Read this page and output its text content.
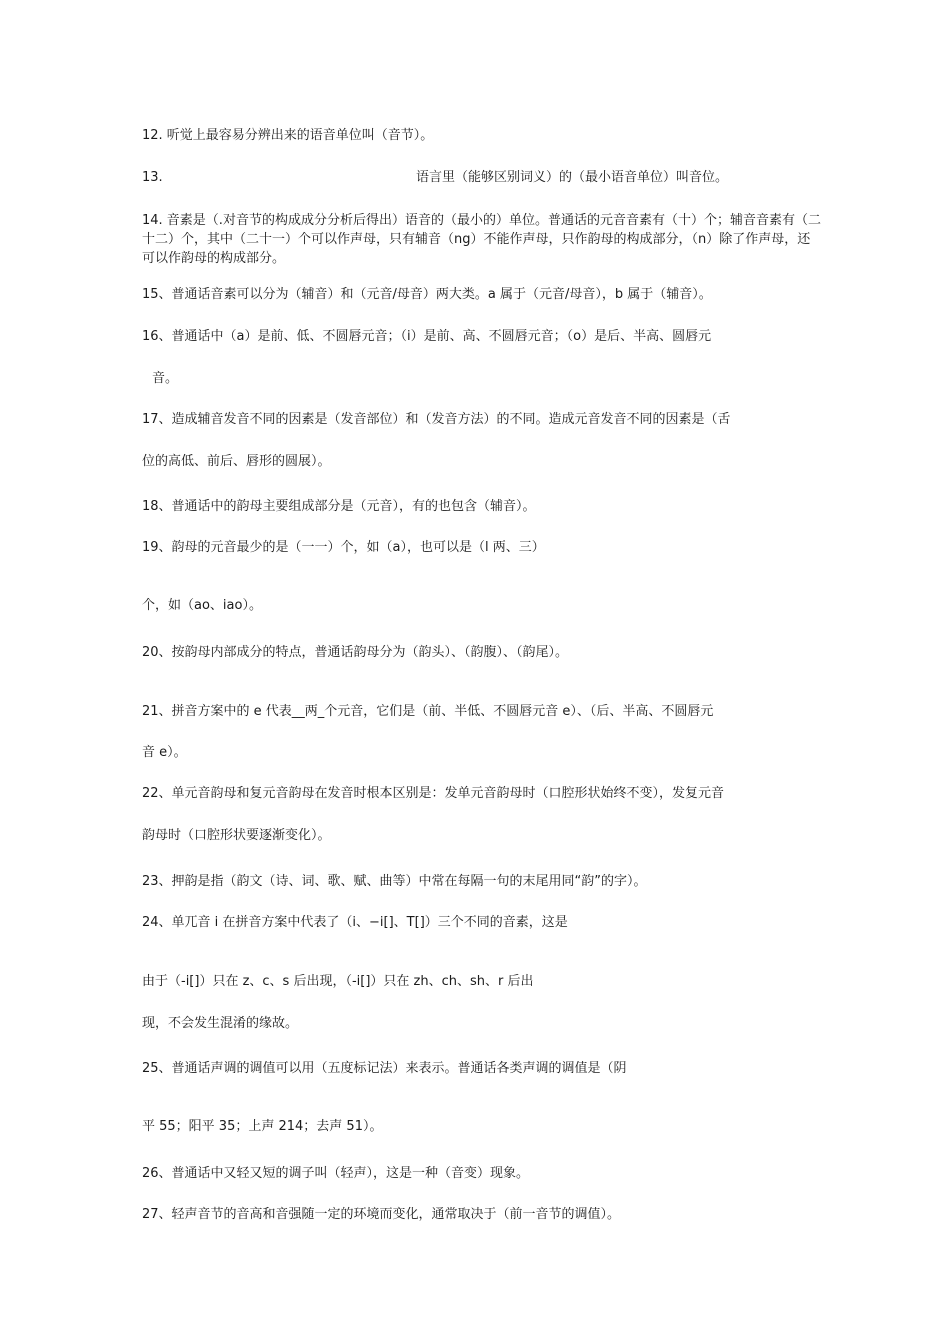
12. 听觉上最容易分辨出来的语音单位叫（音节）。
13.	语言里（能够区别词义）的（最小语音单位）叫音位。
14. 音素是（.对音节的构成成分分析后得出）语音的（最小的）单位。普通话的元音音素有（十）个；辅音音素有（二十二）个，其中（二十一）个可以作声母，只有辅音（ng）不能作声母，只作韵母的构成部分，（n）除了作声母，还可以作韵母的构成部分。
15、普通话音素可以分为（辅音）和（元音/母音）两大类。a 属于（元音/母音），b 属于（辅音）。
16、普通话中（a）是前、低、不圆唇元音；（i）是前、高、不圆唇元音；（o）是后、半高、圆唇元
音。
17、造成辅音发音不同的因素是（发音部位）和（发音方法）的不同。造成元音发音不同的因素是（舌
位的高低、前后、唇形的圆展）。
18、普通话中的韵母主要组成部分是（元音），有的也包含（辅音）。
19、韵母的元音最少的是（一一）个，如（a），也可以是（l 两、三）
个，如（ao、iao）。
20、按韵母内部成分的特点，普通话韵母分为（韵头）、（韵腹）、（韵尾）。
21、拼音方案中的 e 代表__两_个元音，它们是（前、半低、不圆唇元音 e）、（后、半高、不圆唇元
音 e）。
22、单元音韵母和复元音韵母在发音时根本区别是：发单元音韵母时（口腔形状始终不变），发复元音
韵母时（口腔形状要逐渐变化）。
23、押韵是指（韵文（诗、词、歌、赋、曲等）中常在每隔一句的末尾用同“韵”的字）。
24、单兀音 i 在拼音方案中代表了（i、−i[]、T[]）三个不同的音素，这是
由于（-i[]）只在 z、c、s 后出现，（-i[]）只在 zh、ch、sh、r 后出
现，不会发生混淆的缘故。
25、普通话声调的调值可以用（五度标记法）来表示。普通话各类声调的调值是（阴
平 55；阳平 35；上声 214；去声 51）。
26、普通话中又轻又短的调子叫（轻声），这是一种（音变）现象。
27、轻声音节的音高和音强随一定的环境而变化，通常取决于（前一音节的调值）。
